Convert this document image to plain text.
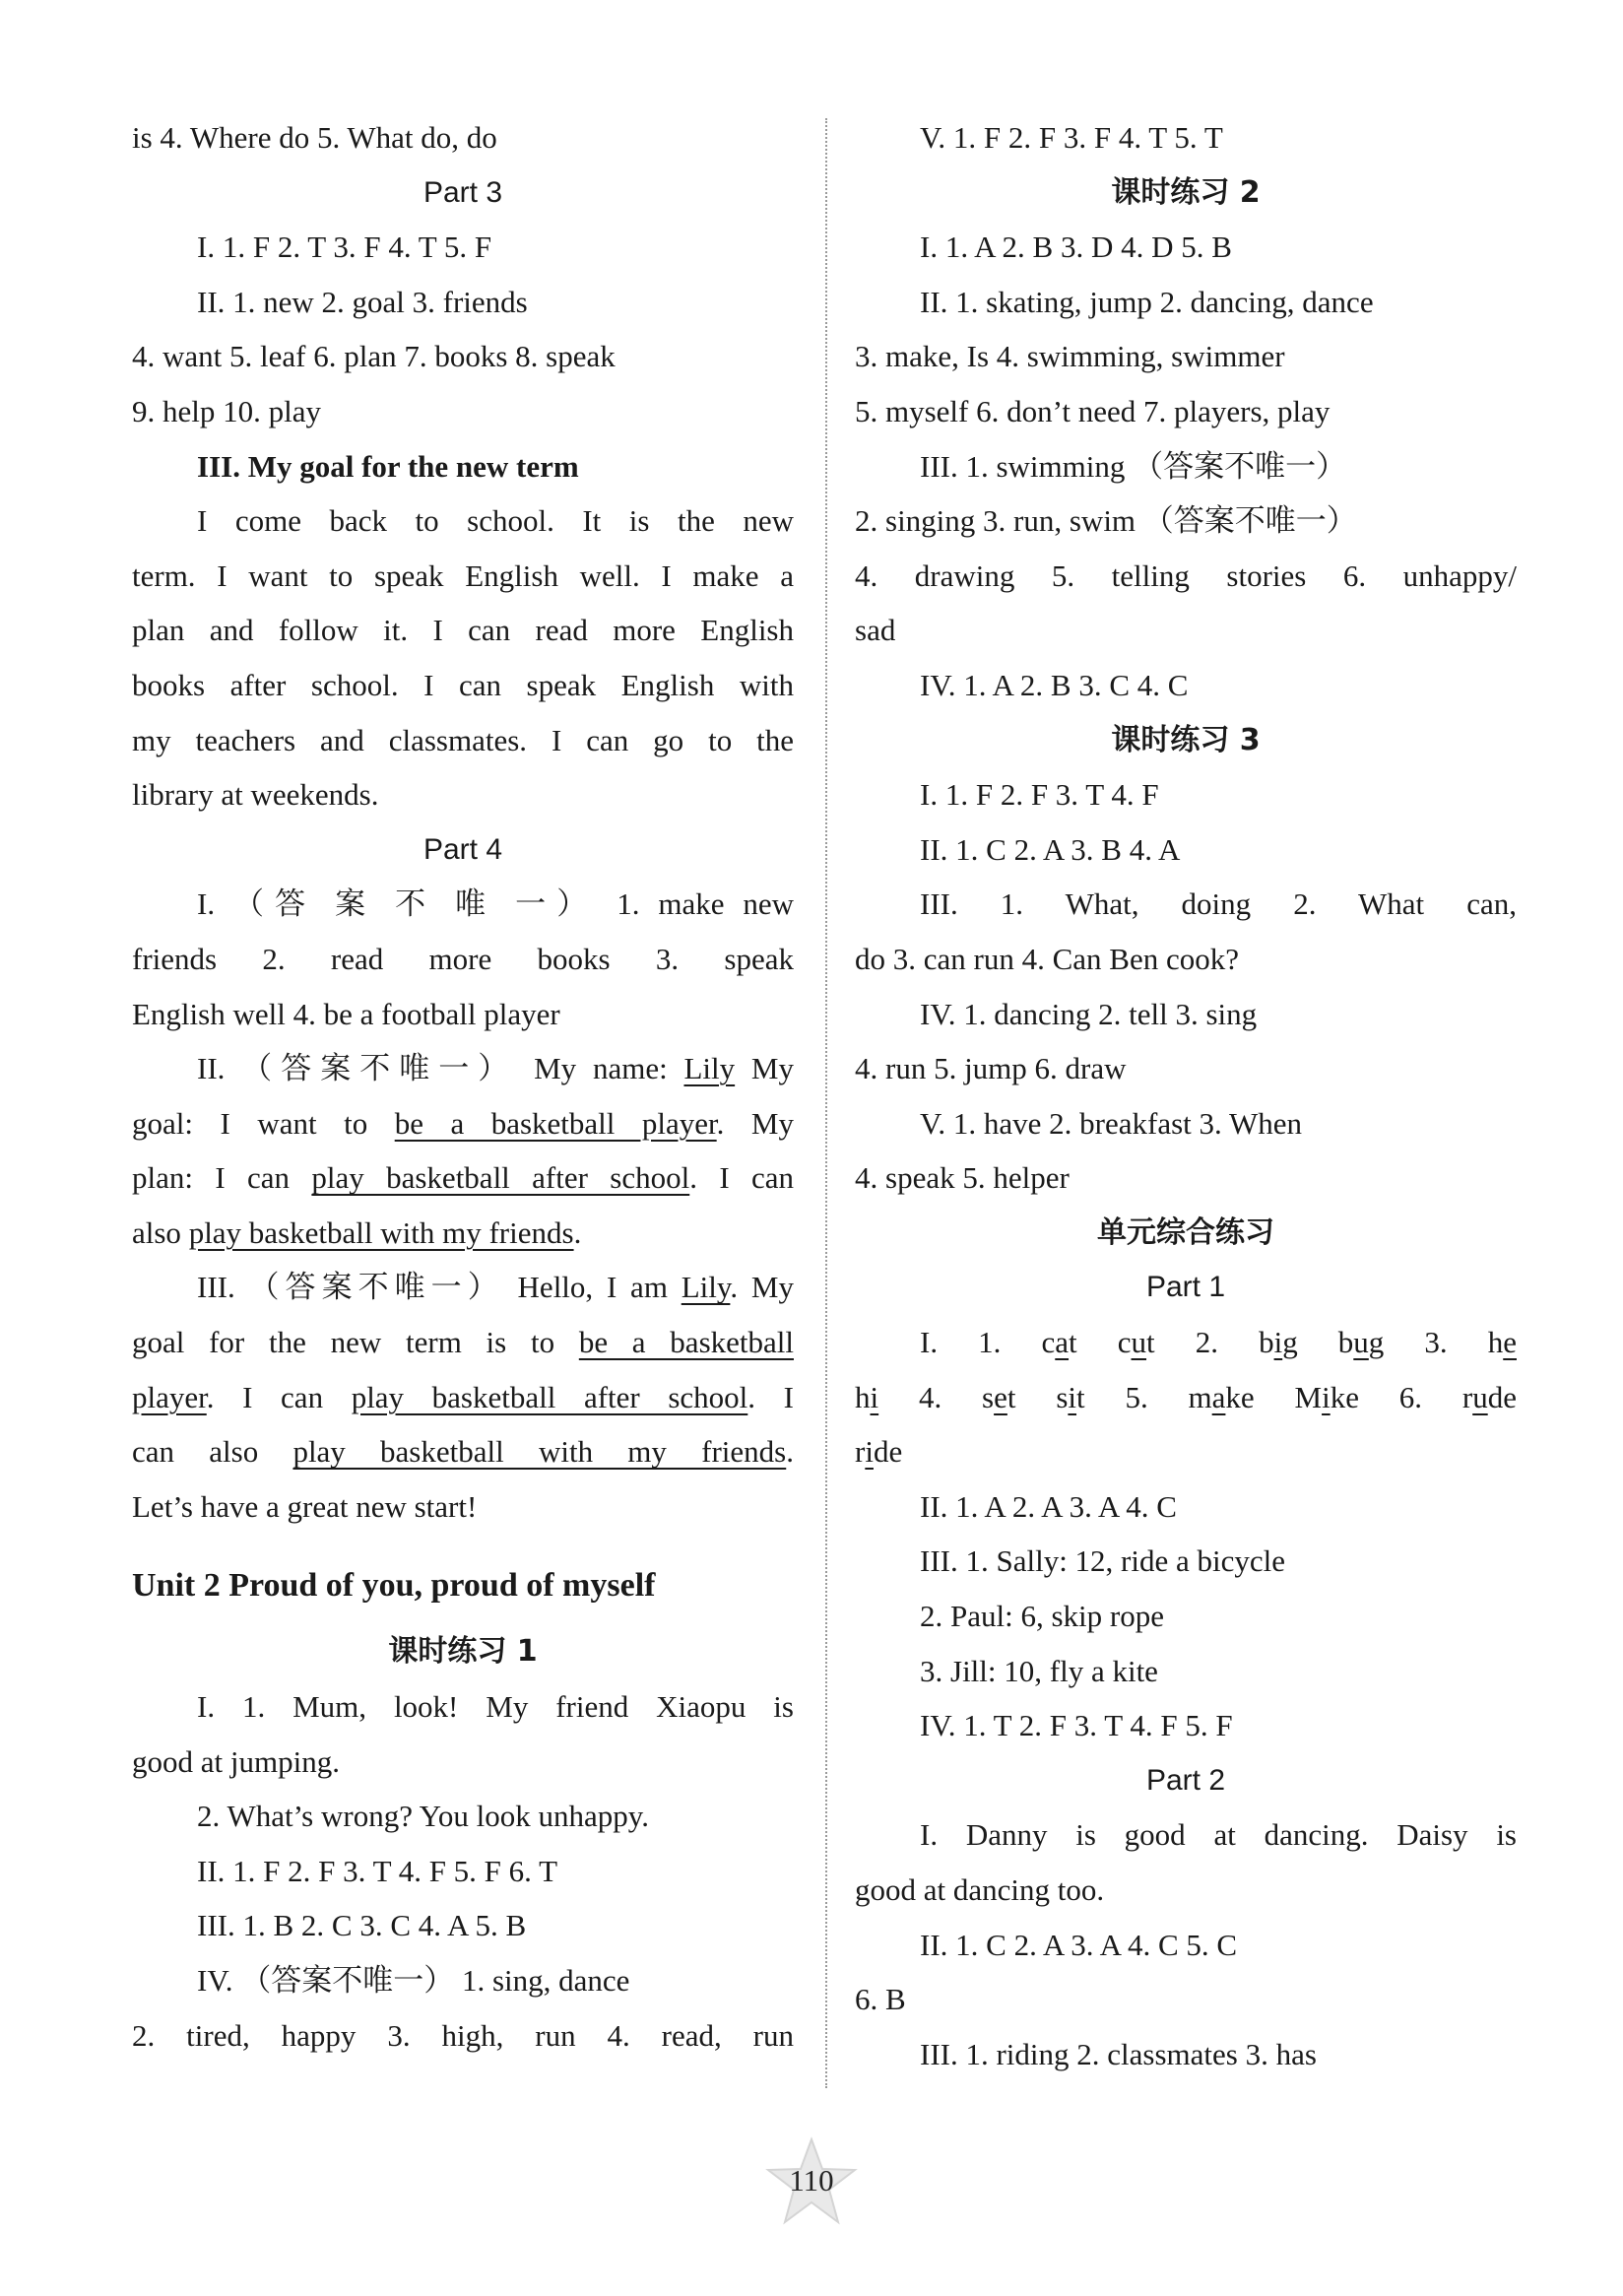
is 4. Where do 5. What do, do
Part 3
I. 1. F 2. T 3. F 4. T 5. F
II. 1. new 2. goal 3. friends
4. want 5. leaf 6. plan 7. books 8. speak
9. help 10. play
III. My goal for the new term
I come back to school. It is the new
term. I want to speak English well. I make a
plan and follow it. I can read more English
books after school. I can speak English with
my teachers and classmates. I can go to the
library at weekends.
Part 4
I. （答 案 不 唯 一） 1. make new
friends 2. read more books 3. speak
English well 4. be a football player
II. （答案不唯一） My name: Lily My
goal: I want to be a basketball player. My
plan: I can play basketball after school. I can
also play basketball with my friends.
III. （答案不唯一） Hello, I am Lily. My
goal for the new term is to be a basketball
player. I can play basketball after school. I
can also play basketball with my friends.
Let’s have a great new start!
Unit 2 Proud of you, proud of myself
课时练习 1
I. 1. Mum, look! My friend Xiaopu is
good at jumping.
2. What’s wrong? You look unhappy.
II. 1. F 2. F 3. T 4. F 5. F 6. T
III. 1. B 2. C 3. C 4. A 5. B
IV. （答案不唯一） 1. sing, dance
2. tired, happy 3. high, run 4. read, run
V. 1. F 2. F 3. F 4. T 5. T
课时练习 2
I. 1. A 2. B 3. D 4. D 5. B
II. 1. skating, jump 2. dancing, dance
3. make, Is 4. swimming, swimmer
5. myself 6. don’t need 7. players, play
III. 1. swimming （答案不唯一）
2. singing 3. run, swim （答案不唯一）
4. drawing 5. telling stories 6. unhappy/
sad
IV. 1. A 2. B 3. C 4. C
课时练习 3
I. 1. F 2. F 3. T 4. F
II. 1. C 2. A 3. B 4. A
III. 1. What, doing 2. What can,
do 3. can run 4. Can Ben cook?
IV. 1. dancing 2. tell 3. sing
4. run 5. jump 6. draw
V. 1. have 2. breakfast 3. When
4. speak 5. helper
单元综合练习
Part 1
I. 1. cat cut 2. big bug 3. he
hi 4. set sit 5. make Mike 6. rude
ride
II. 1. A 2. A 3. A 4. C
III. 1. Sally: 12, ride a bicycle
2. Paul: 6, skip rope
3. Jill: 10, fly a kite
IV. 1. T 2. F 3. T 4. F 5. F
Part 2
I. Danny is good at dancing. Daisy is
good at dancing too.
II. 1. C 2. A 3. A 4. C 5. C
6. B
III. 1. riding 2. classmates 3. has
110
